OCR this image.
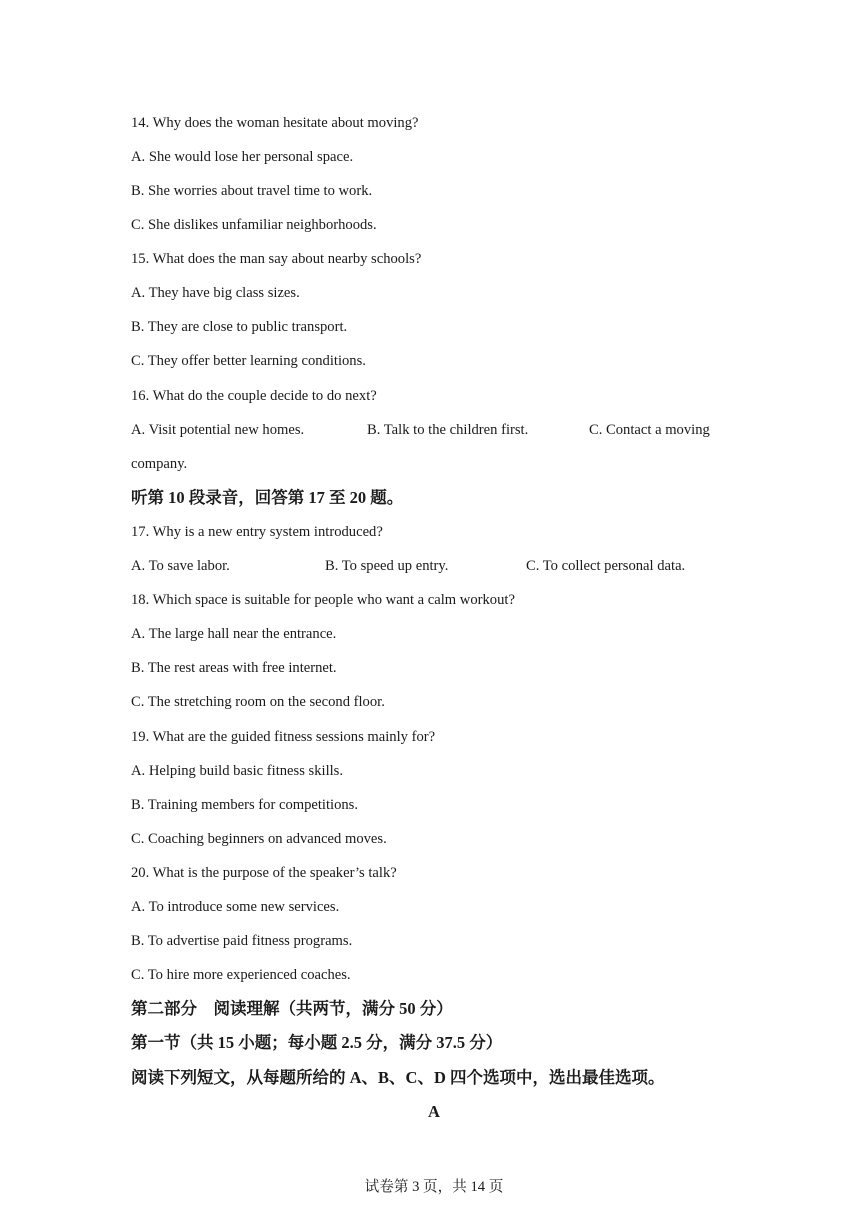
14. Why does the woman hesitate about moving?
A. She would lose her personal space.
B. She worries about travel time to work.
C. She dislikes unfamiliar neighborhoods.
15. What does the man say about nearby schools?
A. They have big class sizes.
B. They are close to public transport.
C. They offer better learning conditions.
16. What do the couple decide to do next?
A. Visit potential new homes.	B. Talk to the children first.	C. Contact a moving
company.
听第 10 段录音，回答第 17 至 20 题。
17. Why is a new entry system introduced?
A. To save labor.	B. To speed up entry.	C. To collect personal data.
18. Which space is suitable for people who want a calm workout?
A. The large hall near the entrance.
B. The rest areas with free internet.
C. The stretching room on the second floor.
19. What are the guided fitness sessions mainly for?
A. Helping build basic fitness skills.
B. Training members for competitions.
C. Coaching beginners on advanced moves.
20. What is the purpose of the speaker’s talk?
A. To introduce some new services.
B. To advertise paid fitness programs.
C. To hire more experienced coaches.
第二部分　阅读理解（共两节，满分 50 分）
第一节（共 15 小题；每小题 2.5 分，满分 37.5 分）
阅读下列短文，从每题所给的 A、B、C、D 四个选项中，选出最佳选项。
A
试卷第 3 页，共 14 页
